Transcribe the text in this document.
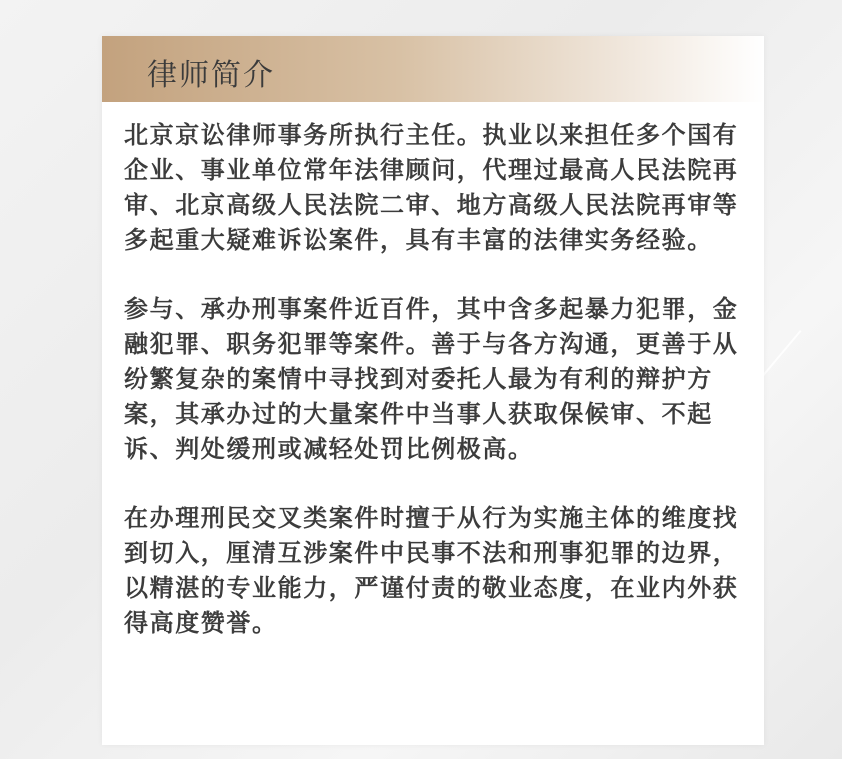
律师简介

北京京讼律师事务所执行主任。执业以来担任多个国有企业、事业单位常年法律顾问，代理过最高人民法院再审、北京高级人民法院二审、地方高级人民法院再审等多起重大疑难诉讼案件，具有丰富的法律实务经验。

参与、承办刑事案件近百件，其中含多起暴力犯罪，金融犯罪、职务犯罪等案件。善于与各方沟通，更善于从纷繁复杂的案情中寻找到对委托人最为有利的辩护方案，其承办过的大量案件中当事人获取保候审、不起诉、判处缓刑或减轻处罚比例极高。

在办理刑民交叉类案件时擅于从行为实施主体的维度找到切入，厘清互涉案件中民事不法和刑事犯罪的边界，以精湛的专业能力，严谨付责的敬业态度，在业内外获得高度赞誉。
